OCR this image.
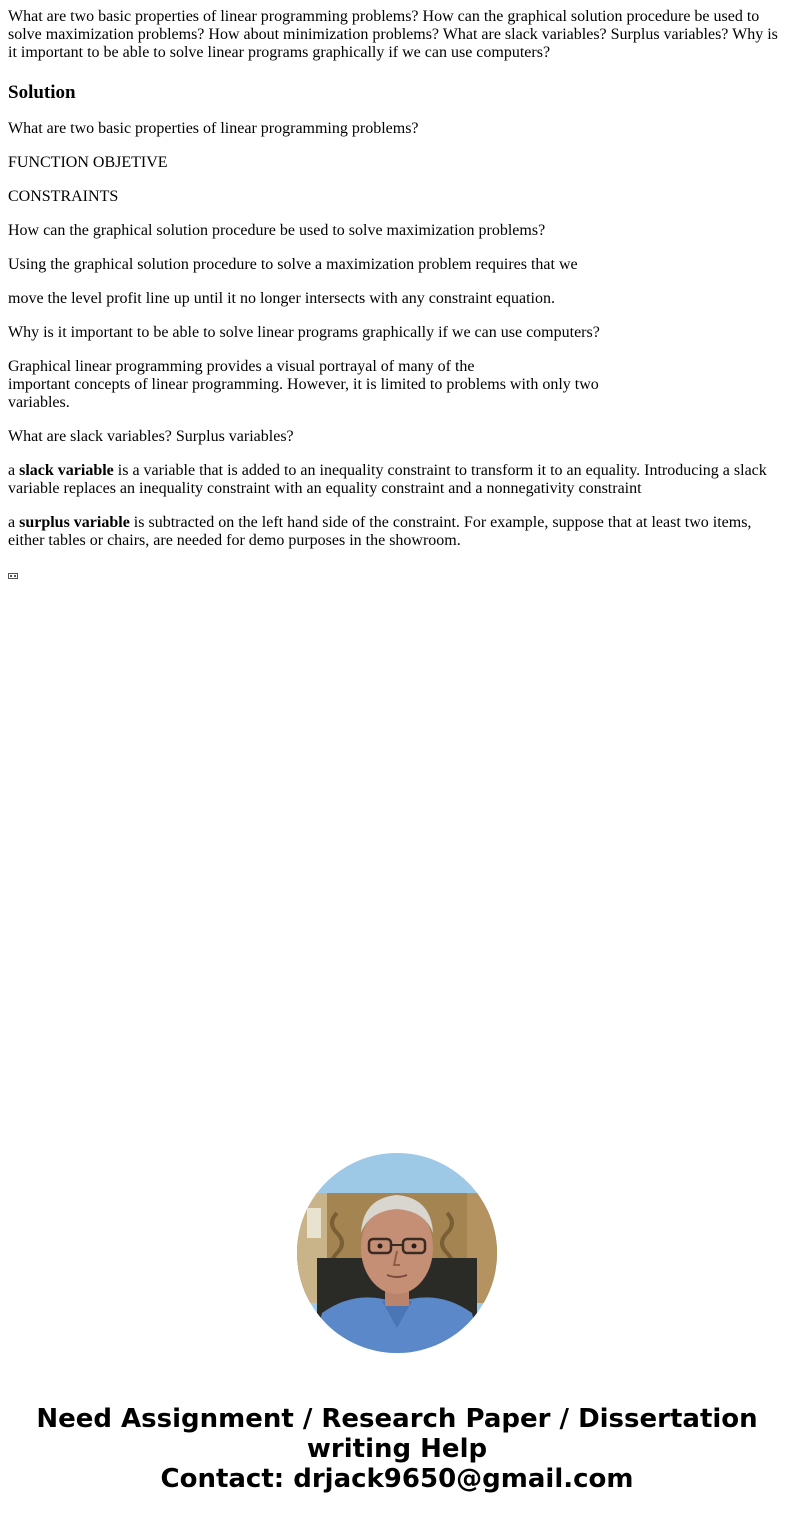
What are two basic properties of linear programming problems? How can the graphical solution procedure be used to solve maximization problems? How about minimization problems? What are slack variables? Surplus variables? Why is it important to be able to solve linear programs graphically if we can use computers?

Solution

What are two basic properties of linear programming problems?

FUNCTION OBJETIVE

CONSTRAINTS

How can the graphical solution procedure be used to solve maximization problems?

Using the graphical solution procedure to solve a maximization problem requires that we

move the level profit line up until it no longer intersects with any constraint equation.

Why is it important to be able to solve linear programs graphically if we can use computers?

Graphical linear programming provides a visual portrayal of many of the
important concepts of linear programming. However, it is limited to problems with only two
variables.

What are slack variables? Surplus variables?

a slack variable is a variable that is added to an inequality constraint to transform it to an equality. Introducing a slack variable replaces an inequality constraint with an equality constraint and a nonnegativity constraint

a surplus variable is subtracted on the left hand side of the constraint. For example, suppose that at least two items, either tables or chairs, are needed for demo purposes in the showroom.

Need Assignment / Research Paper / Dissertation
writing Help
Contact: drjack9650@gmail.com
